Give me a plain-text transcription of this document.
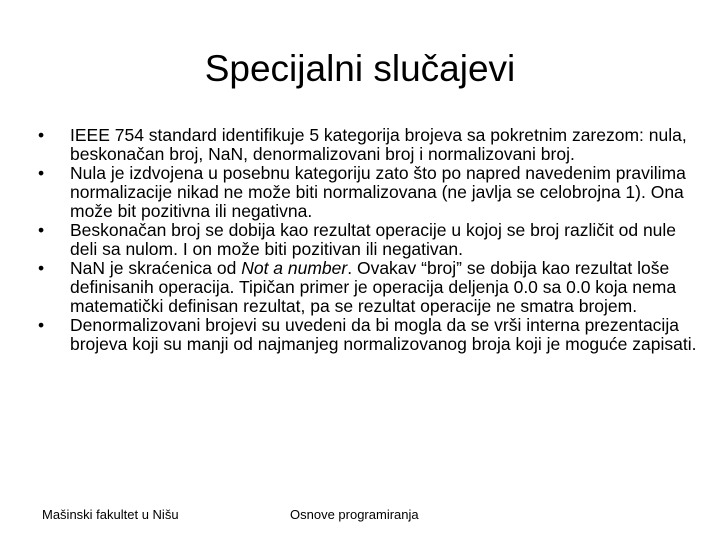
Specijalni slučajevi
•	IEEE 754 standard identifikuje 5 kategorija brojeva sa pokretnim zarezom: nula, beskonačan broj, NaN, denormalizovani broj i normalizovani broj.
•	Nula je izdvojena u posebnu kategoriju zato što po napred navedenim pravilima normalizacije nikad ne može biti normalizovana (ne javlja se celobrojna 1). Ona može bit pozitivna ili negativna.
•	Beskonačan broj se dobija kao rezultat operacije u kojoj se broj različit od nule deli sa nulom. I on može biti pozitivan ili negativan.
•	NaN je skraćenica od Not a number. Ovakav “broj” se dobija kao rezultat loše definisanih operacija. Tipičan primer je operacija deljenja 0.0 sa 0.0 koja nema matematički definisan rezultat, pa se rezultat operacije ne smatra brojem.
•	Denormalizovani brojevi su uvedeni da bi mogla da se vrši interna prezentacija brojeva koji su manji od najmanjeg normalizovanog broja koji je moguće zapisati.
Mašinski fakultet u Nišu	Osnove programiranja
